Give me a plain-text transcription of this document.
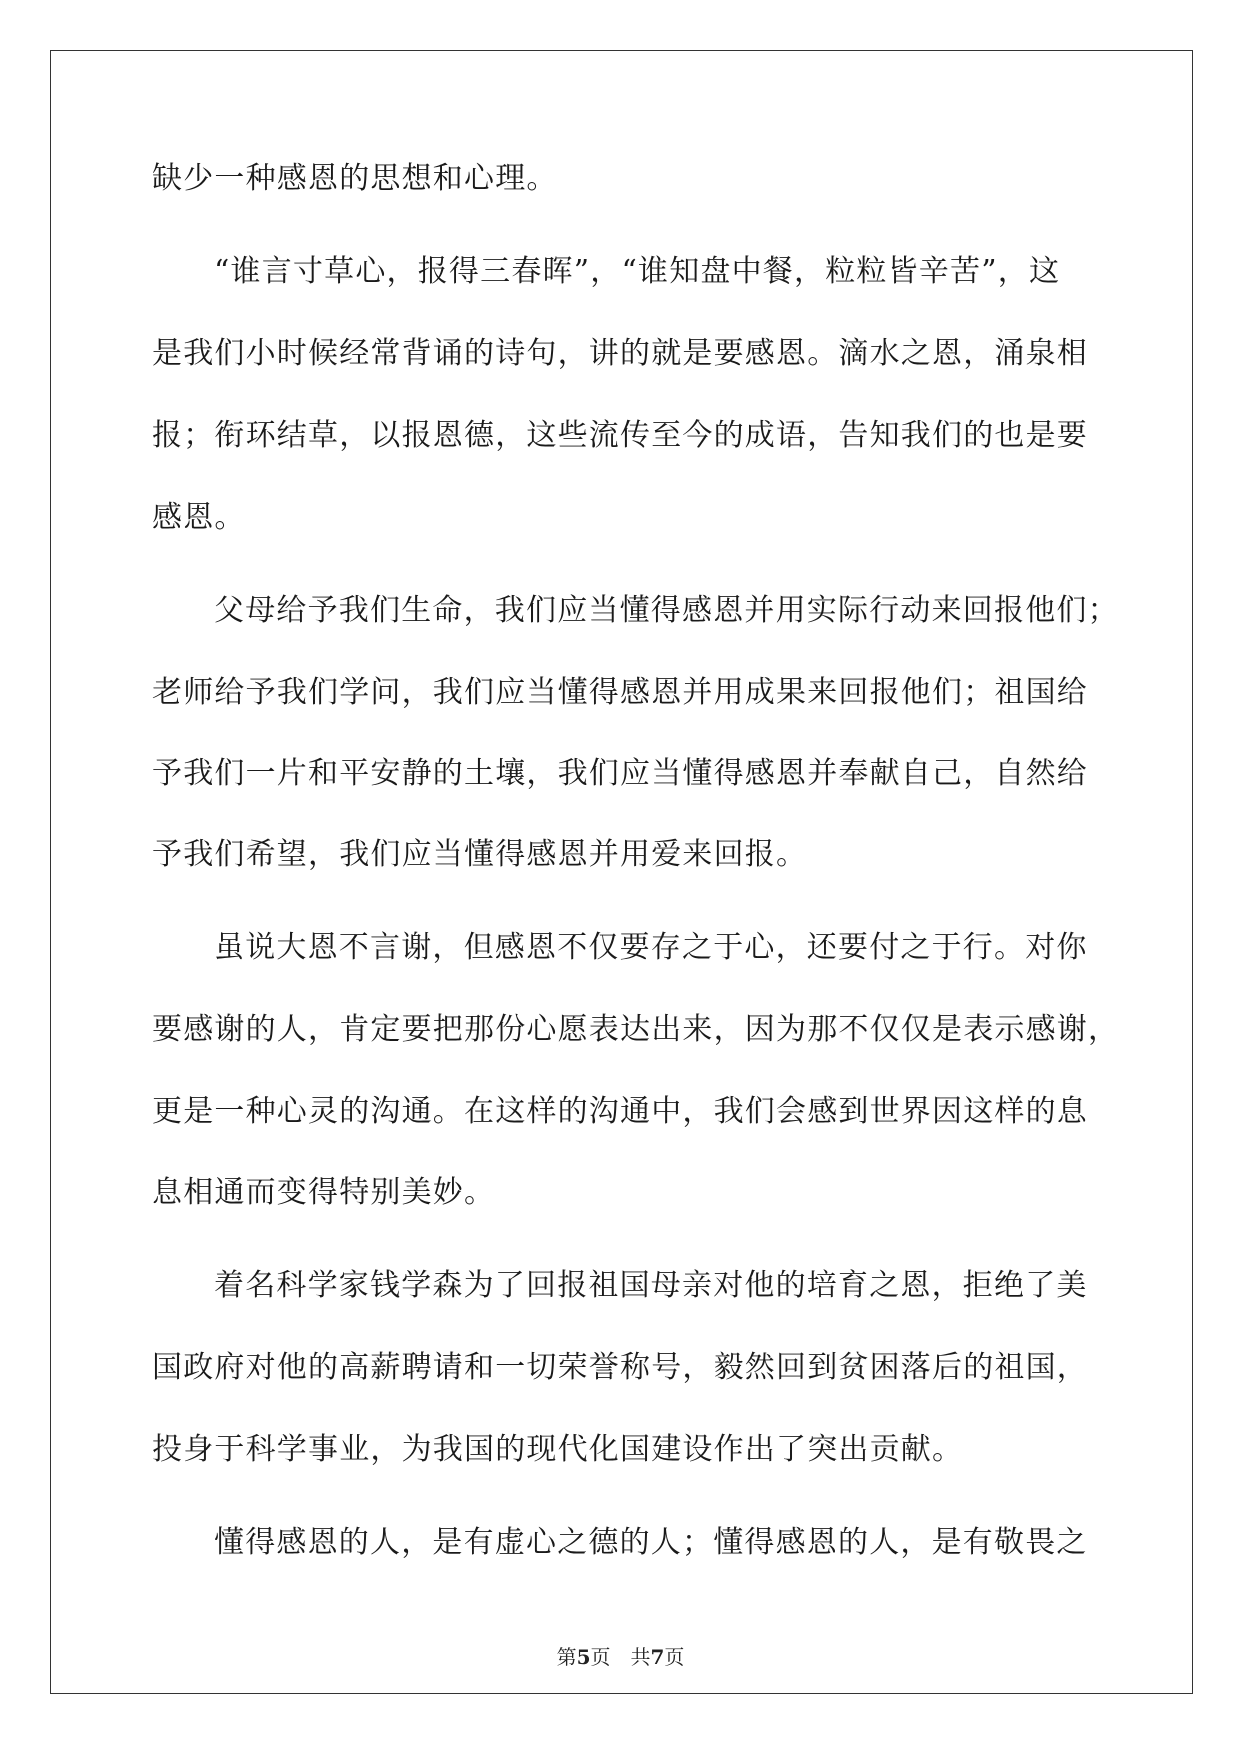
缺少一种感恩的思想和心理。
“谁言寸草心，报得三春晖”，“谁知盘中餐，粒粒皆辛苦”，这
是我们小时候经常背诵的诗句，讲的就是要感恩。滴水之恩，涌泉相
报；衔环结草，以报恩德，这些流传至今的成语，告知我们的也是要
感恩。
父母给予我们生命，我们应当懂得感恩并用实际行动来回报他们；
老师给予我们学问，我们应当懂得感恩并用成果来回报他们；祖国给
予我们一片和平安静的土壤，我们应当懂得感恩并奉献自己，自然给
予我们希望，我们应当懂得感恩并用爱来回报。
虽说大恩不言谢，但感恩不仅要存之于心，还要付之于行。对你
要感谢的人，肯定要把那份心愿表达出来，因为那不仅仅是表示感谢，
更是一种心灵的沟通。在这样的沟通中，我们会感到世界因这样的息
息相通而变得特别美妙。
着名科学家钱学森为了回报祖国母亲对他的培育之恩，拒绝了美
国政府对他的高薪聘请和一切荣誉称号，毅然回到贫困落后的祖国，
投身于科学事业，为我国的现代化国建设作出了突出贡献。
懂得感恩的人，是有虚心之德的人；懂得感恩的人，是有敬畏之
第5页 共7页
